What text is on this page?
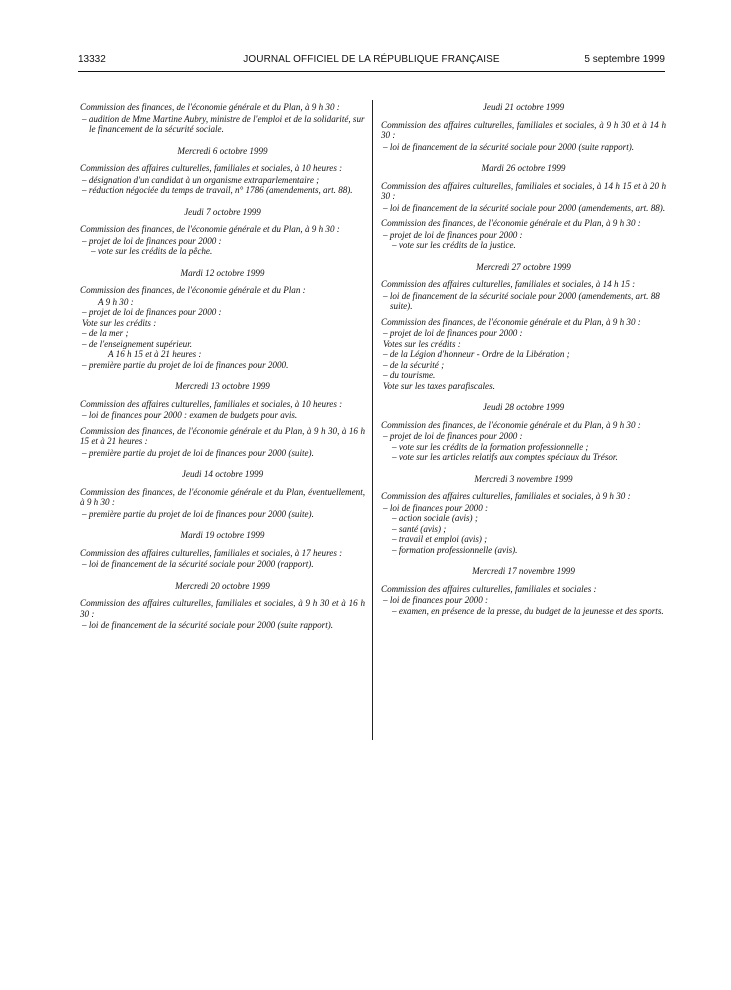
13332	JOURNAL OFFICIEL DE LA RÉPUBLIQUE FRANÇAISE	5 septembre 1999

Commission des finances, de l'économie générale et du Plan, à 9 h 30 :

– audition de Mme Martine Aubry, ministre de l'emploi et de la solidarité, sur le financement de la sécurité sociale.

Mercredi 6 octobre 1999

Commission des affaires culturelles, familiales et sociales, à 10 heures :

– désignation d'un candidat à un organisme extraparlementaire ;

– réduction négociée du temps de travail, n° 1786 (amendements, art. 88).

Jeudi 7 octobre 1999

Commission des finances, de l'économie générale et du Plan, à 9 h 30 :

– projet de loi de finances pour 2000 :

– vote sur les crédits de la pêche.

Mardi 12 octobre 1999

Commission des finances, de l'économie générale et du Plan :

A 9 h 30 :

– projet de loi de finances pour 2000 :

Vote sur les crédits :

– de la mer ;

– de l'enseignement supérieur.

A 16 h 15 et à 21 heures :

– première partie du projet de loi de finances pour 2000.

Mercredi 13 octobre 1999

Commission des affaires culturelles, familiales et sociales, à 10 heures :

– loi de finances pour 2000 : examen de budgets pour avis.

Commission des finances, de l'économie générale et du Plan, à 9 h 30, à 16 h 15 et à 21 heures :

– première partie du projet de loi de finances pour 2000 (suite).

Jeudi 14 octobre 1999

Commission des finances, de l'économie générale et du Plan, éventuellement, à 9 h 30 :

– première partie du projet de loi de finances pour 2000 (suite).

Mardi 19 octobre 1999

Commission des affaires culturelles, familiales et sociales, à 17 heures :

– loi de financement de la sécurité sociale pour 2000 (rapport).

Mercredi 20 octobre 1999

Commission des affaires culturelles, familiales et sociales, à 9 h 30 et à 16 h 30 :

– loi de financement de la sécurité sociale pour 2000 (suite rapport).

Jeudi 21 octobre 1999

Commission des affaires culturelles, familiales et sociales, à 9 h 30 et à 14 h 30 :

– loi de financement de la sécurité sociale pour 2000 (suite rapport).

Mardi 26 octobre 1999

Commission des affaires culturelles, familiales et sociales, à 14 h 15 et à 20 h 30 :

– loi de financement de la sécurité sociale pour 2000 (amendements, art. 88).

Commission des finances, de l'économie générale et du Plan, à 9 h 30 :

– projet de loi de finances pour 2000 :

– vote sur les crédits de la justice.

Mercredi 27 octobre 1999

Commission des affaires culturelles, familiales et sociales, à 14 h 15 :

– loi de financement de la sécurité sociale pour 2000 (amendements, art. 88 suite).

Commission des finances, de l'économie générale et du Plan, à 9 h 30 :

– projet de loi de finances pour 2000 :

Votes sur les crédits :

– de la Légion d'honneur - Ordre de la Libération ;

– de la sécurité ;

– du tourisme.

Vote sur les taxes parafiscales.

Jeudi 28 octobre 1999

Commission des finances, de l'économie générale et du Plan, à 9 h 30 :

– projet de loi de finances pour 2000 :

– vote sur les crédits de la formation professionnelle ;

– vote sur les articles relatifs aux comptes spéciaux du Trésor.

Mercredi 3 novembre 1999

Commission des affaires culturelles, familiales et sociales, à 9 h 30 :

– loi de finances pour 2000 :

– action sociale (avis) ;

– santé (avis) ;

– travail et emploi (avis) ;

– formation professionnelle (avis).

Mercredi 17 novembre 1999

Commission des affaires culturelles, familiales et sociales :

– loi de finances pour 2000 :

– examen, en présence de la presse, du budget de la jeunesse et des sports.
